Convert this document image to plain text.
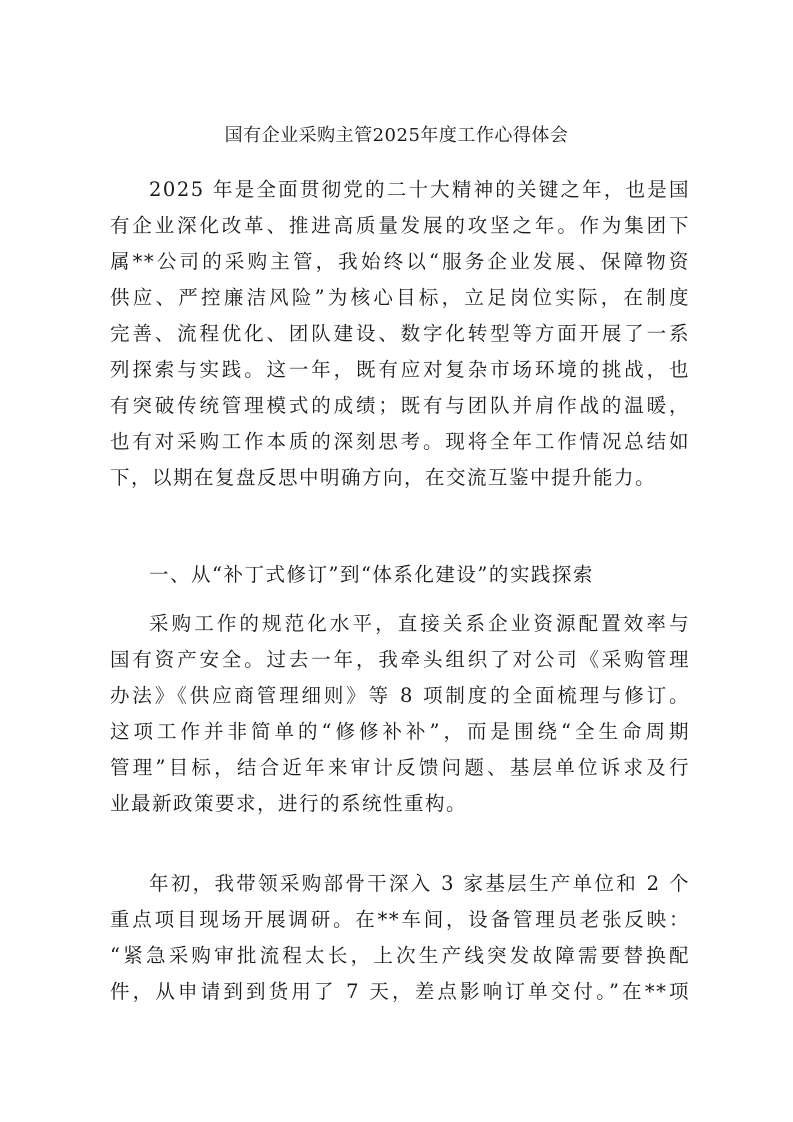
国有企业采购主管2025年度工作心得体会
2025 年是全面贯彻党的二十大精神的关键之年，也是国
有企业深化改革、推进高质量发展的攻坚之年。作为集团下
属**公司的采购主管，我始终以“服务企业发展、保障物资
供应、严控廉洁风险”为核心目标，立足岗位实际，在制度
完善、流程优化、团队建设、数字化转型等方面开展了一系
列探索与实践。这一年，既有应对复杂市场环境的挑战，也
有突破传统管理模式的成绩；既有与团队并肩作战的温暖，
也有对采购工作本质的深刻思考。现将全年工作情况总结如
下，以期在复盘反思中明确方向，在交流互鉴中提升能力。
一、从“补丁式修订”到“体系化建设”的实践探索
采购工作的规范化水平，直接关系企业资源配置效率与
国有资产安全。过去一年，我牵头组织了对公司《采购管理
办法》《供应商管理细则》等 8 项制度的全面梳理与修订。
这项工作并非简单的“修修补补”，而是围绕“全生命周期
管理”目标，结合近年来审计反馈问题、基层单位诉求及行
业最新政策要求，进行的系统性重构。
年初，我带领采购部骨干深入 3 家基层生产单位和 2 个
重点项目现场开展调研。在**车间，设备管理员老张反映：
“紧急采购审批流程太长，上次生产线突发故障需要替换配
件，从申请到到货用了 7 天，差点影响订单交付。”在**项
